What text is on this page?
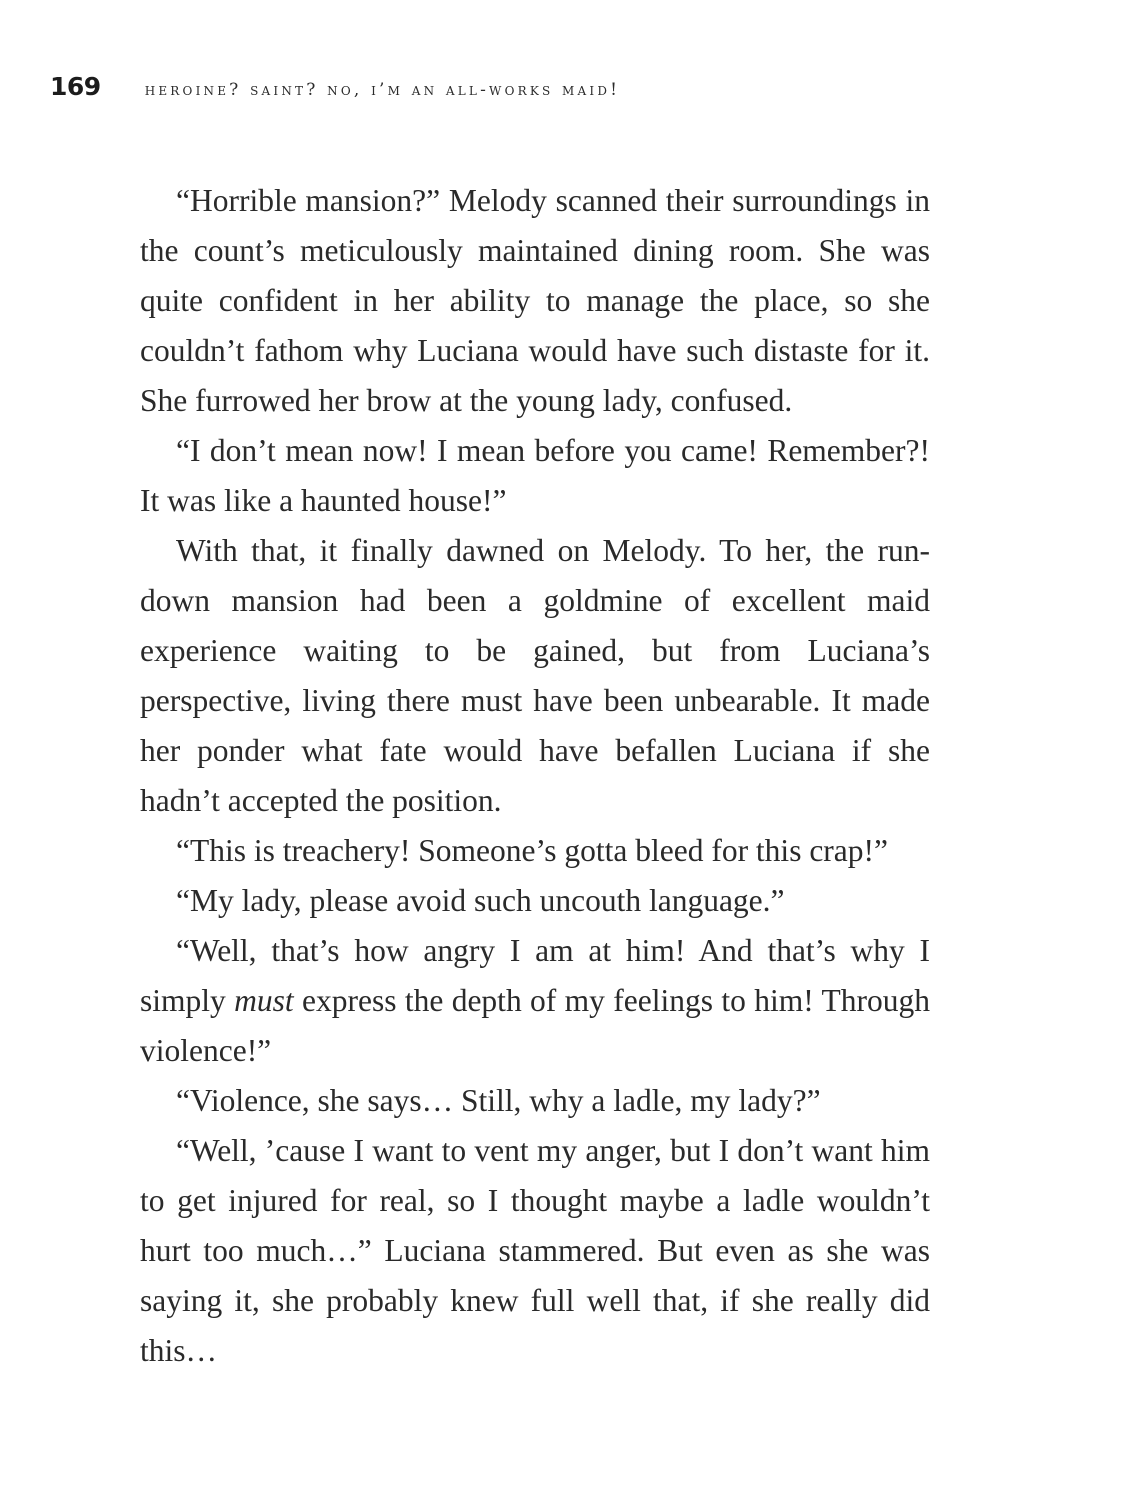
169	heroine? saint? no, i’m an all-works maid!

“Horrible mansion?” Melody scanned their surroundings in the count’s meticulously maintained dining room. She was quite confident in her ability to manage the place, so she couldn’t fathom why Luciana would have such distaste for it. She furrowed her brow at the young lady, confused.

“I don’t mean now! I mean before you came! Remember?! It was like a haunted house!”

With that, it finally dawned on Melody. To her, the run-down mansion had been a goldmine of excellent maid experience waiting to be gained, but from Luciana’s perspective, living there must have been unbearable. It made her ponder what fate would have befallen Luciana if she hadn’t accepted the position.

“This is treachery! Someone’s gotta bleed for this crap!”

“My lady, please avoid such uncouth language.”

“Well, that’s how angry I am at him! And that’s why I simply must express the depth of my feelings to him! Through violence!”

“Violence, she says… Still, why a ladle, my lady?”

“Well, ’cause I want to vent my anger, but I don’t want him to get injured for real, so I thought maybe a ladle wouldn’t hurt too much…” Luciana stammered. But even as she was saying it, she probably knew full well that, if she really did this…
